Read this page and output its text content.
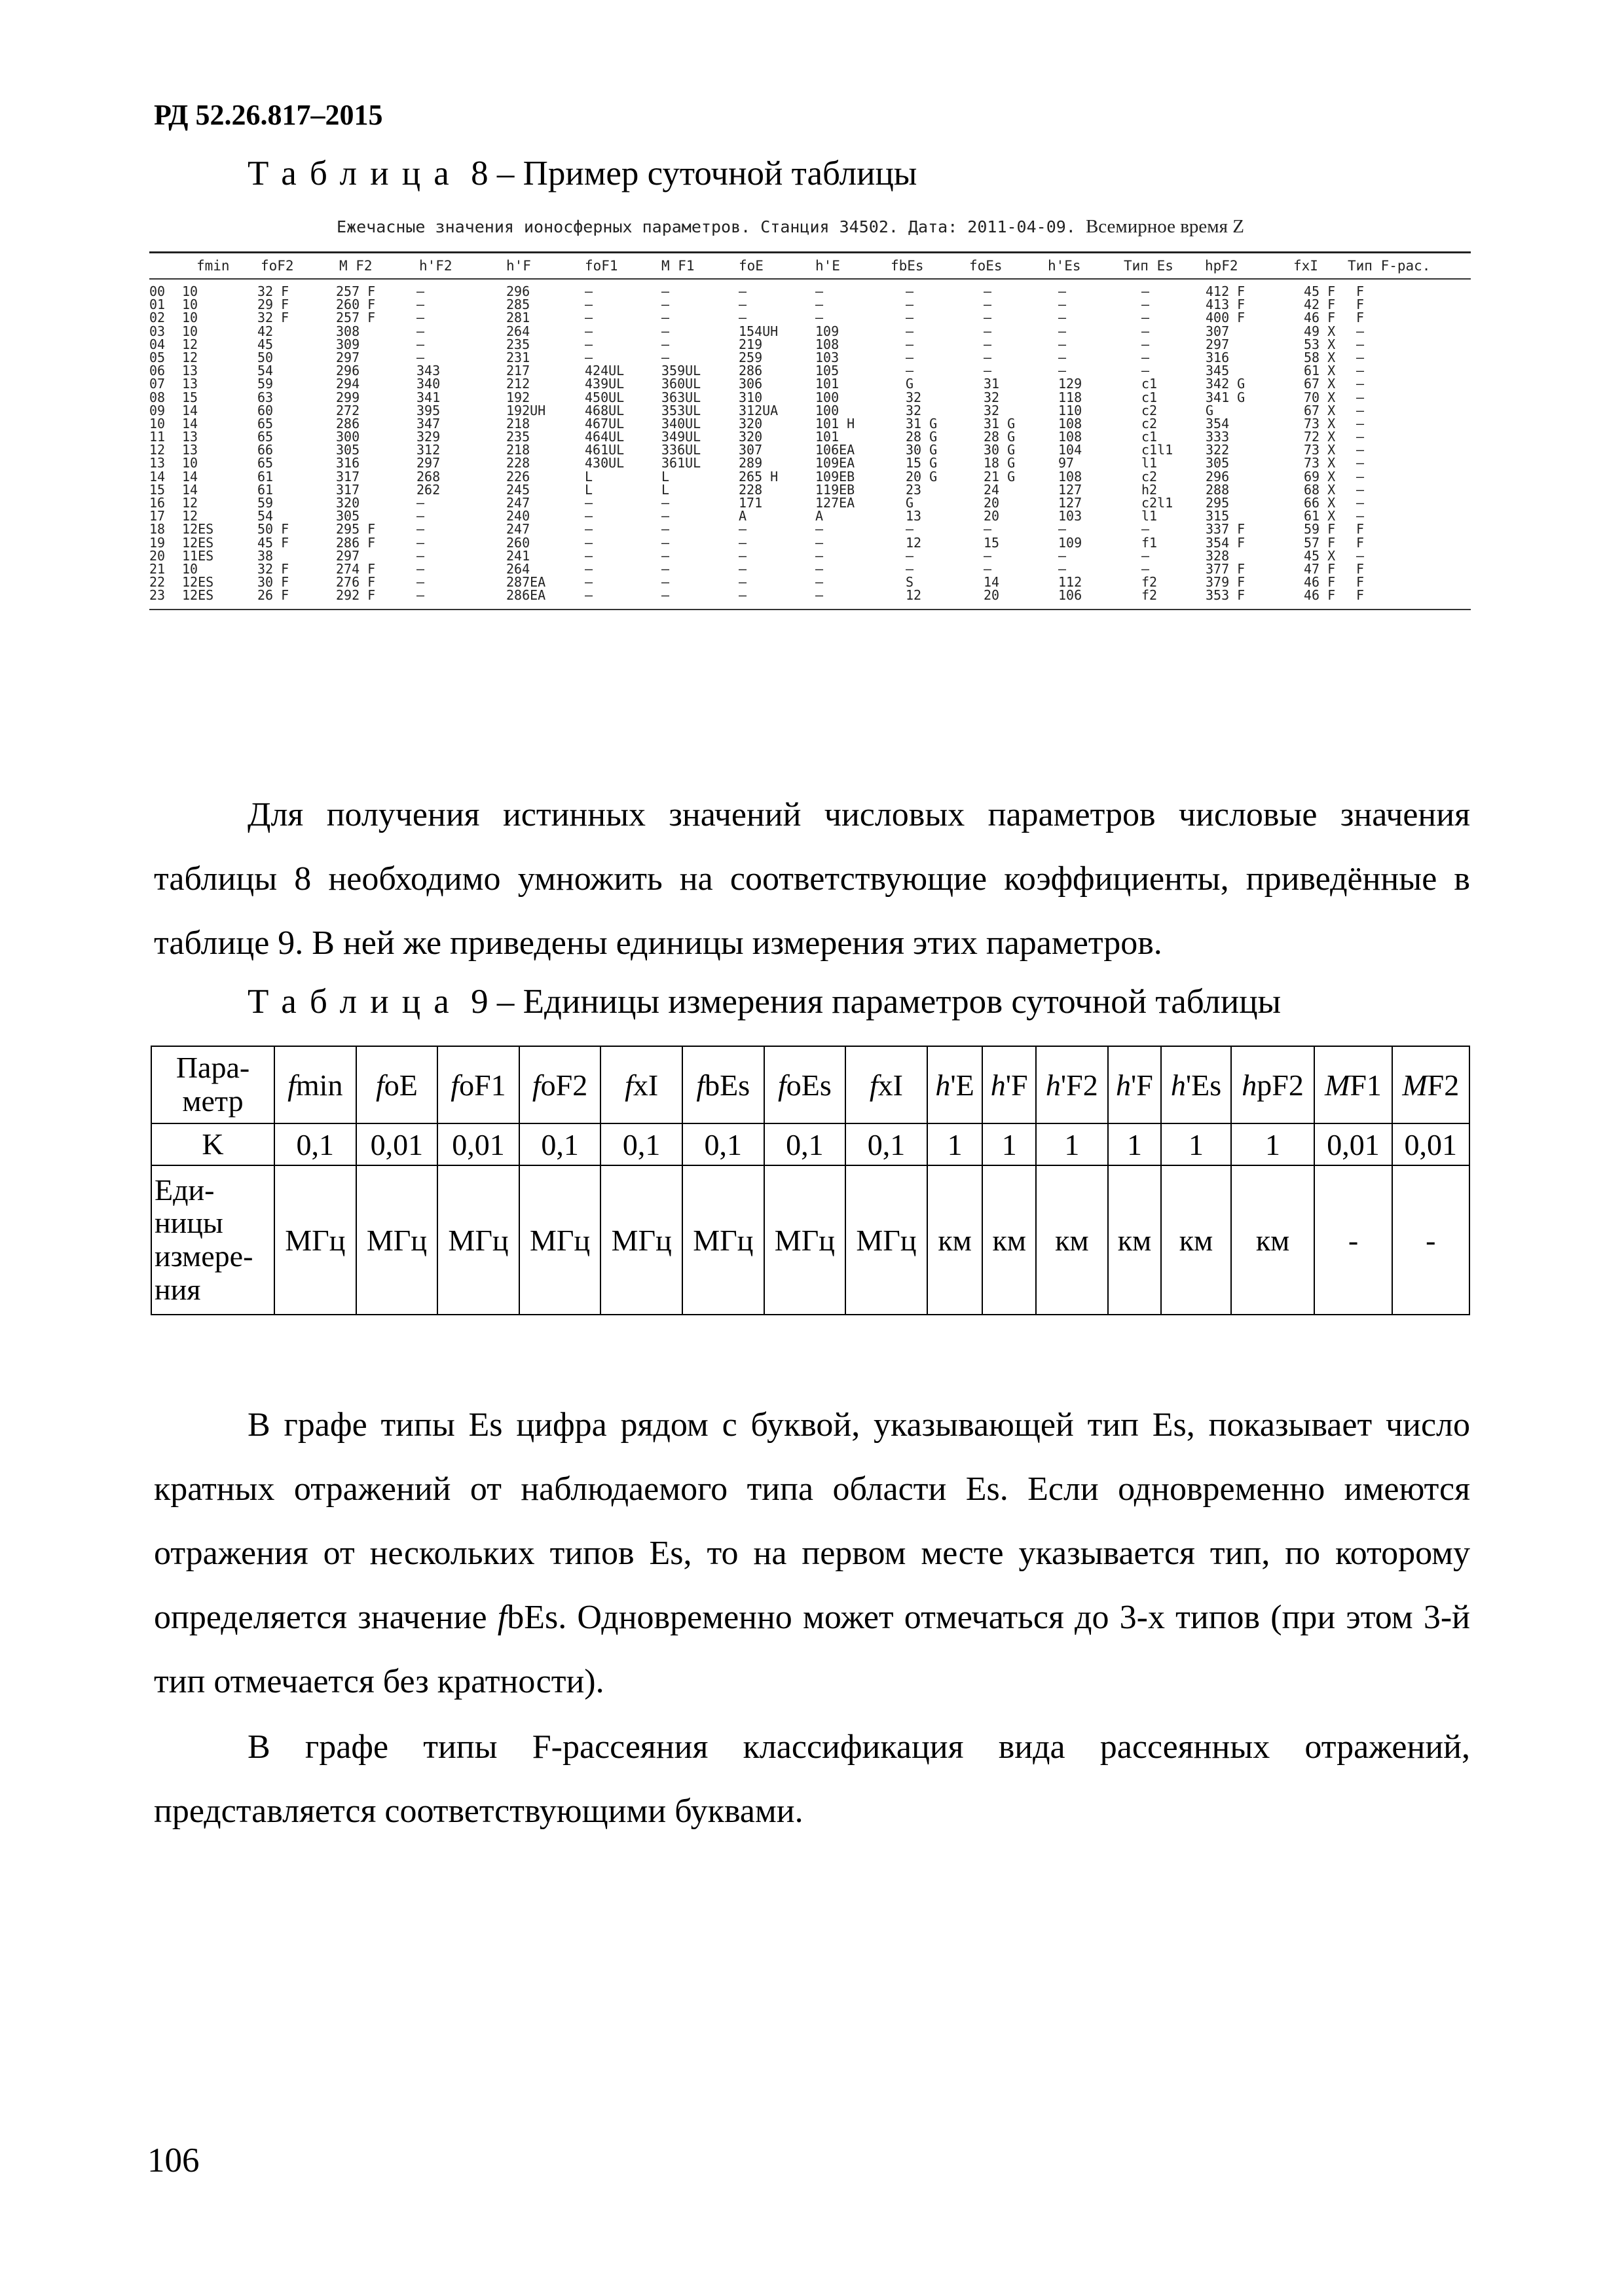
РД 52.26.817–2015
Таблица 8 – Пример суточной таблицы
Ежечасные значения ионосферных параметров. Станция 34502. Дата: 2011-04-09. Всемирное время Z
fmin foF2	M F2	h'F2	h'F	foF1	M F1	foE	h'E	fbEs	foEs	h'Es	Тип Es hpF2	fxI Тип F-рас.
00 10	32 F	257 F	–	296	–	–	–	–	–	–	–	–	412 F	45 F F
01 10	29 F	260 F	–	285	–	–	–	–	–	–	–	–	413 F	42 F F
02 10	32 F	257 F	–	281	–	–	–	–	–	–	–	–	400 F	46 F F
03 10	42	308	–	264	–	–	154UH	109	–	–	–	–	307	49 X –
04 12	45	309	–	235	–	–	219	108	–	–	–	–	297	53 X –
05 12	50	297	–	231	–	–	259	103	–	–	–	–	316	58 X –
06 13	54	296	343	217	424UL	359UL	286	105	–	–	–	–	345	61 X –
07 13	59	294	340	212	439UL	360UL	306	101	G	31	129	c1	342 G	67 X –
08 15	63	299	341	192	450UL	363UL	310	100	32	32	118	c1	341 G	70 X –
09 14	60	272	395	192UH	468UL	353UL	312UA	100	32	32	110	c2	G	67 X –
10 14	65	286	347	218	467UL	340UL	320	101 H	31 G	31 G	108	c2	354	73 X –
11 13	65	300	329	235	464UL	349UL	320	101	28 G	28 G	108	c1	333	72 X –
12 13	66	305	312	218	461UL	336UL	307	106EA	30 G	30 G	104	c1l1 322	73 X –
13 10	65	316	297	228	430UL	361UL	289	109EA	15 G	18 G	97	l1	305	73 X –
14 14	61	317	268	226	L	L	265 H	109EB	20 G	21 G	108	c2	296	69 X –
15 14	61	317	262	245	L	L	228	119EB	23	24	127	h2	288	68 X –
16 12	59	320	–	247	–	–	171	127EA	G	20	127	c2l1 295	66 X –
17 12	54	305	–	240	–	–	A	A	13	20	103	l1	315	61 X –
18 12ES	50 F	295 F	–	247	–	–	–	–	–	–	–	–	337 F	59 F F
19 12ES	45 F	286 F	–	260	–	–	–	–	12	15	109	f1	354 F	57 F F
20 11ES	38	297	–	241	–	–	–	–	–	–	–	–	328	45 X –
21 10	32 F	274 F	–	264	–	–	–	–	–	–	–	–	377 F	47 F F
22 12ES	30 F	276 F	–	287EA	–	–	–	–	S	14	112	f2	379 F	46 F F
23 12ES	26 F	292 F	–	286EA	–	–	–	–	12	20	106	f2	353 F	46 F F

Для получения истинных значений числовых параметров числовые значения таблицы 8 необходимо умножить на соответствующие коэффициенты, приведённые в таблице 9. В ней же приведены единицы измерения этих параметров.

Таблица 9 – Единицы измерения параметров суточной таблицы
Пара-метр	fmin	foE	foF1	foF2	fxI	fbEs	foEs	fxI	h'E	h'F	h'F2	h'F	h'Es	hpF2	MF1	MF2
K	0,1	0,01	0,01	0,1	0,1	0,1	0,1	0,1	1	1	1	1	1	1	0,01	0,01
Еди-ницы измере-ния	МГц	МГц	МГц	МГц	МГц	МГц	МГц	МГц	км	км	км	км	км	км	-	-

В графе типы Es цифра рядом с буквой, указывающей тип Es, показывает число кратных отражений от наблюдаемого типа области Es. Если одновременно имеются отражения от нескольких типов Es, то на первом месте указывается тип, по которому определяется значение fbEs. Одновременно может отмечаться до 3-х типов (при этом 3-й тип отмечается без кратности).

В графе типы F-рассеяния классификация вида рассеянных отражений, представляется соответствующими буквами.

106
